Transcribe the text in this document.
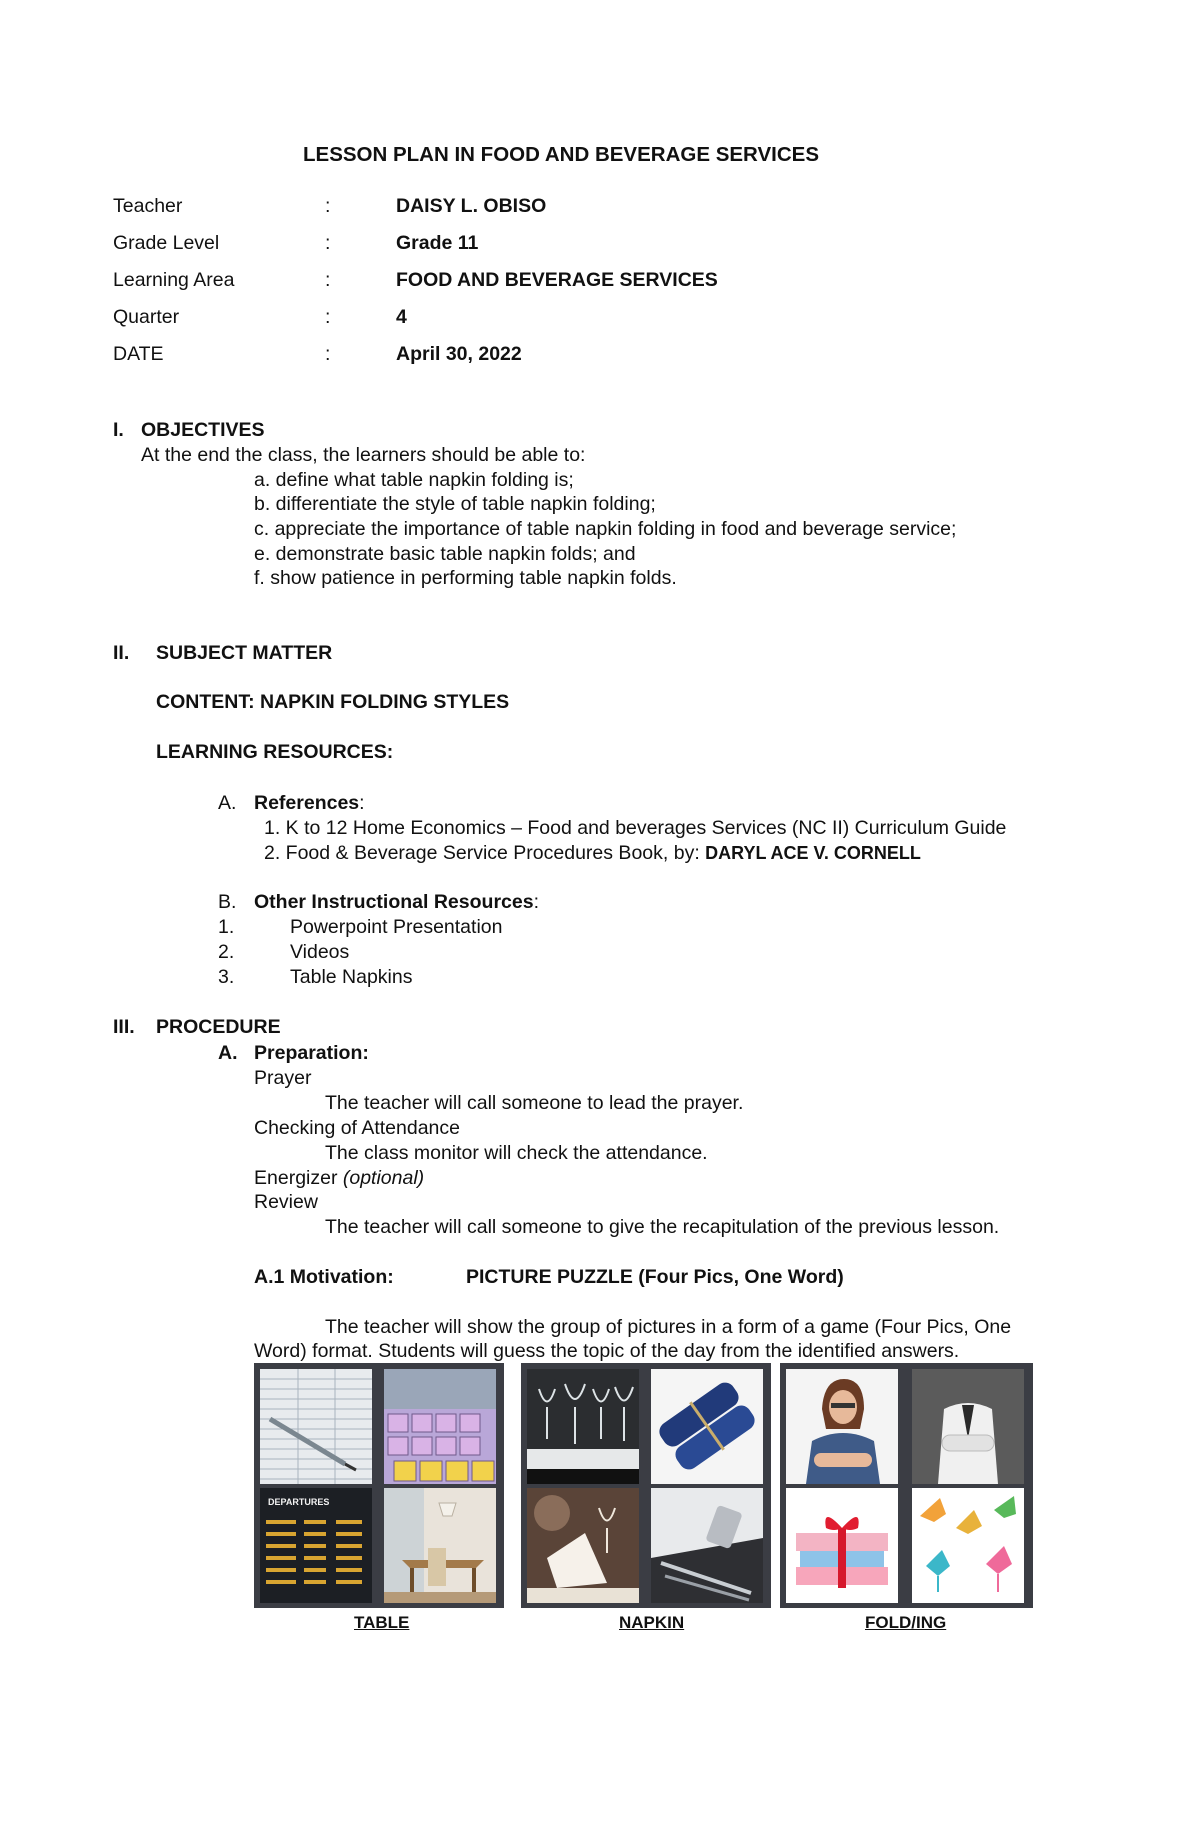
LESSON PLAN IN FOOD AND BEVERAGE SERVICES
Teacher	:	DAISY L. OBISO
Grade Level	:	Grade 11
Learning Area	:	FOOD AND BEVERAGE SERVICES
Quarter	:	4
DATE	:	April 30, 2022
I. OBJECTIVES
At the end the class, the learners should be able to:
a. define what table napkin folding is;
b. differentiate the style of table napkin folding;
c. appreciate the importance of table napkin folding in food and beverage service;
e. demonstrate basic table napkin folds; and
f. show patience in performing table napkin folds.
II. SUBJECT MATTER
CONTENT: NAPKIN FOLDING STYLES
LEARNING RESOURCES:
A. References:
1. K to 12 Home Economics – Food and beverages Services (NC II) Curriculum Guide
2. Food & Beverage Service Procedures Book, by: DARYL ACE V. CORNELL
B. Other Instructional Resources:
1.	Powerpoint Presentation
2.	Videos
3.	Table Napkins
III. PROCEDURE
A. Preparation:
Prayer
The teacher will call someone to lead the prayer.
Checking of Attendance
The class monitor will check the attendance.
Energizer (optional)
Review
The teacher will call someone to give the recapitulation of the previous lesson.
A.1 Motivation:	PICTURE PUZZLE (Four Pics, One Word)
The teacher will show the group of pictures in a form of a game (Four Pics, One
Word) format. Students will guess the topic of the day from the identified answers.
DEPARTURES
TABLE	NAPKIN	FOLD/ING
